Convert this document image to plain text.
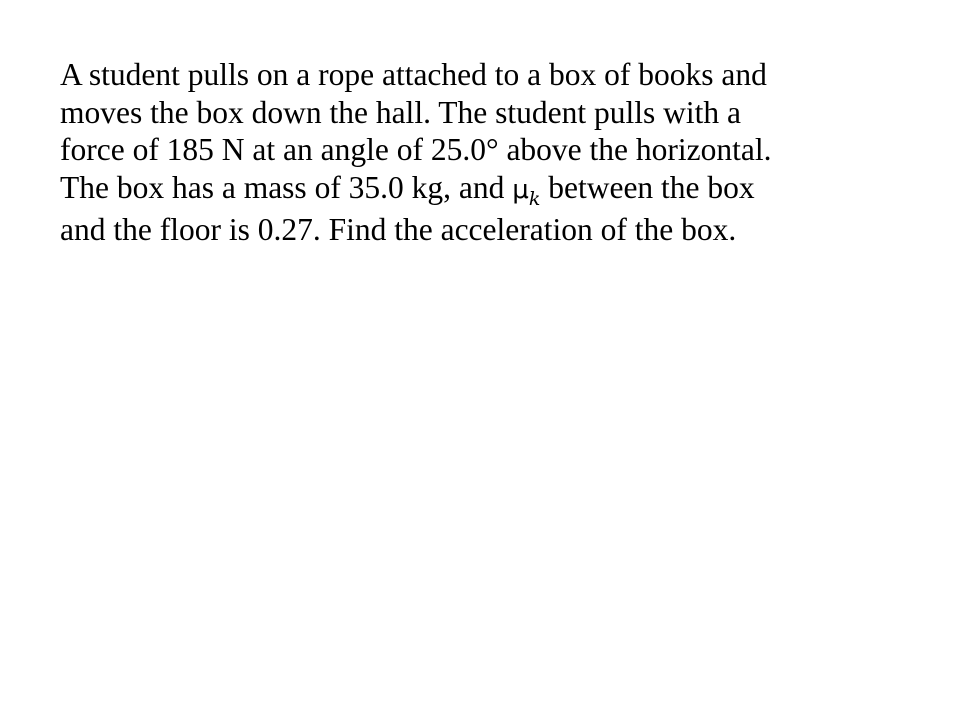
A student pulls on a rope attached to a box of books and
moves the box down the hall. The student pulls with a
force of 185 N at an angle of 25.0° above the horizontal.
The box has a mass of 35.0 kg, and $\mu_k$ between the box
and the floor is 0.27. Find the acceleration of the box.
